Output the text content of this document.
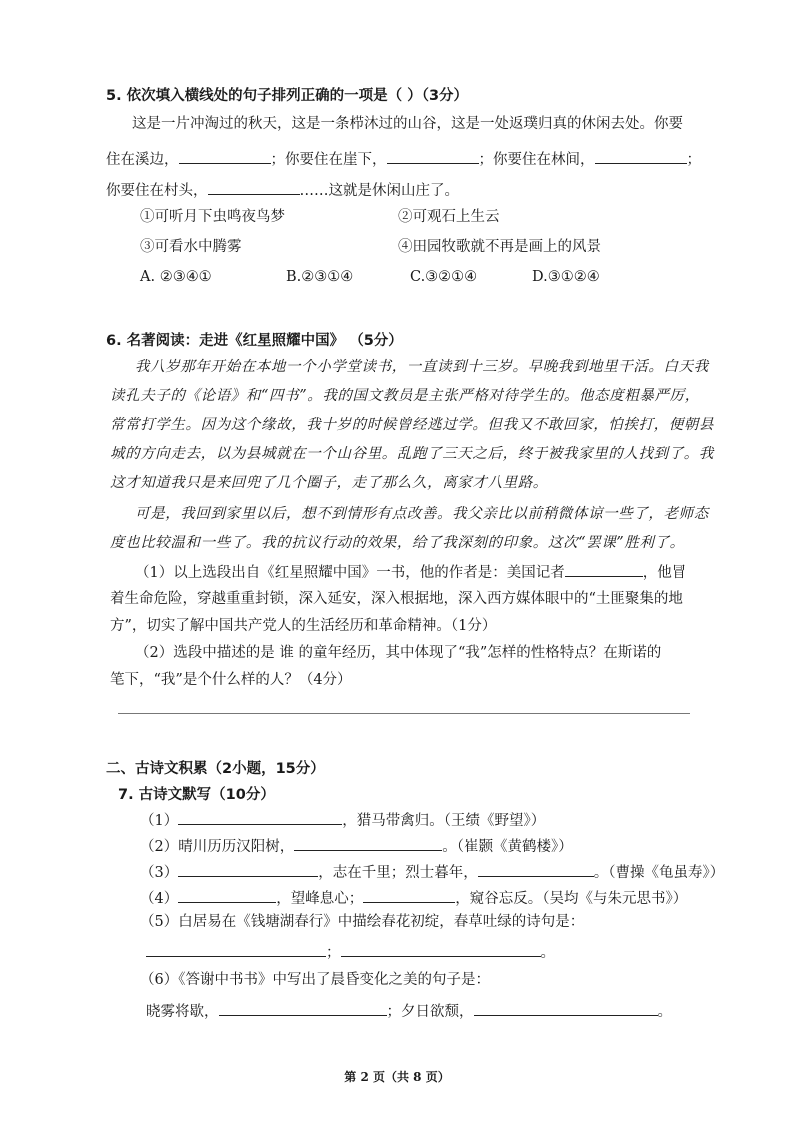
5. 依次填入横线处的句子排列正确的一项是（ ）（3分）
这是一片冲淘过的秋天，这是一条栉沐过的山谷，这是一处返璞归真的休闲去处。你要
住在溪边，	；你要住在崖下，	；你要住在林间，	；
你要住在村头，	……这就是休闲山庄了。
①可听月下虫鸣夜鸟梦	②可观石上生云
③可看水中腾雾	④田园牧歌就不再是画上的风景
A. ②③④①	B.②③①④	C.③②①④	D.③①②④
6. 名著阅读：走进《红星照耀中国》 （5分）
我八岁那年开始在本地一个小学堂读书，一直读到十三岁。早晚我到地里干活。白天我
读孔夫子的《论语》和“四书”。我的国文教员是主张严格对待学生的。他态度粗暴严厉，
常常打学生。因为这个缘故，我十岁的时候曾经逃过学。但我又不敢回家，怕挨打，便朝县
城的方向走去，以为县城就在一个山谷里。乱跑了三天之后，终于被我家里的人找到了。我
这才知道我只是来回兜了几个圈子，走了那么久，离家才八里路。
可是，我回到家里以后，想不到情形有点改善。我父亲比以前稍微体谅一些了，老师态
度也比较温和一些了。我的抗议行动的效果，给了我深刻的印象。这次“罢课”胜利了。
（1）以上选段出自《红星照耀中国》一书，他的作者是：美国记者	，他冒
着生命危险，穿越重重封锁，深入延安，深入根据地，深入西方媒体眼中的“土匪聚集的地
方”，切实了解中国共产党人的生活经历和革命精神。（1分）
（2）选段中描述的是 谁 的童年经历，其中体现了“我”怎样的性格特点？在斯诺的
笔下，“我”是个什么样的人？（4分）
二、古诗文积累（2小题，15分）
7. 古诗文默写（10分）
（1）	，猎马带禽归。（王绩《野望》）
（2）晴川历历汉阳树，	。（崔颢《黄鹤楼》）
（3）	，志在千里；烈士暮年，	。（曹操《龟虽寿》）
（4）	，望峰息心；	，窥谷忘反。（吴均《与朱元思书》）
（5）白居易在《钱塘湖春行》中描绘春花初绽，春草吐绿的诗句是：
；	。
（6）《答谢中书书》中写出了晨昏变化之美的句子是：
晓雾将歇，	；夕日欲颓，	。
第 2 页（共 8 页）
